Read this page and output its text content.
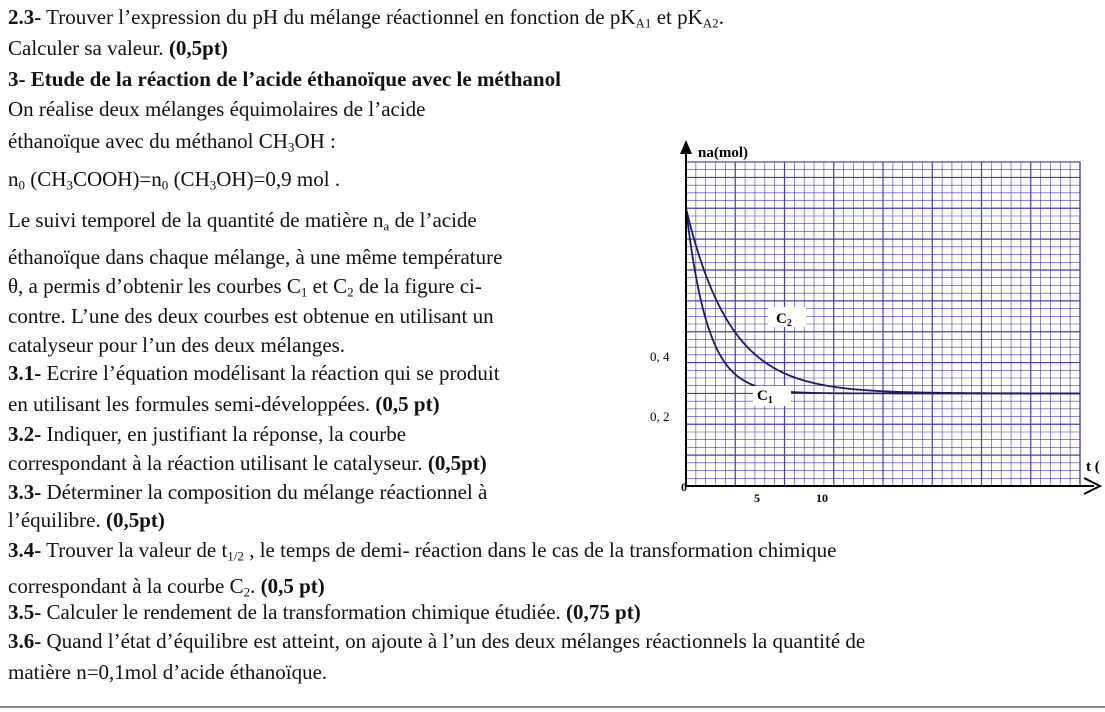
2.3- Trouver l’expression du pH du mélange réactionnel en fonction de $pK_{A1}$ et $pK_{A2}$.
Calculer sa valeur. (0,5pt)
3- Etude de la réaction de l’acide éthanoïque avec le méthanol
On réalise deux mélanges équimolaires de l’acide
éthanoïque avec du méthanol $CH_3OH$ :
$n_0$ $(CH_3COOH)=n_0$ $(CH_3OH)=0,9$ mol .
Le suivi temporel de la quantité de matière $n_a$ de l’acide
éthanoïque dans chaque mélange, à une même température
θ, a permis d’obtenir les courbes $C_1$ et $C_2$ de la figure ci-
contre. L’une des deux courbes est obtenue en utilisant un
catalyseur pour l’un des deux mélanges.
3.1- Ecrire l’équation modélisant la réaction qui se produit
en utilisant les formules semi-développées. (0,5 pt)
3.2- Indiquer, en justifiant la réponse, la courbe
correspondant à la réaction utilisant le catalyseur. (0,5pt)
3.3- Déterminer la composition du mélange réactionnel à
l’équilibre. (0,5pt)
3.4- Trouver la valeur de $t_{1/2}$ , le temps de demi- réaction dans le cas de la transformation chimique
correspondant à la courbe $C_2$. (0,5 pt)
3.5- Calculer le rendement de la transformation chimique étudiée. (0,75 pt)
3.6- Quand l’état d’équilibre est atteint, on ajoute à l’un des deux mélanges réactionnels la quantité de
matière n=0,1mol d’acide éthanoïque.
na(mol)
0, 4
0, 2
0
5	10
t (
$C_2$
$C_1$
